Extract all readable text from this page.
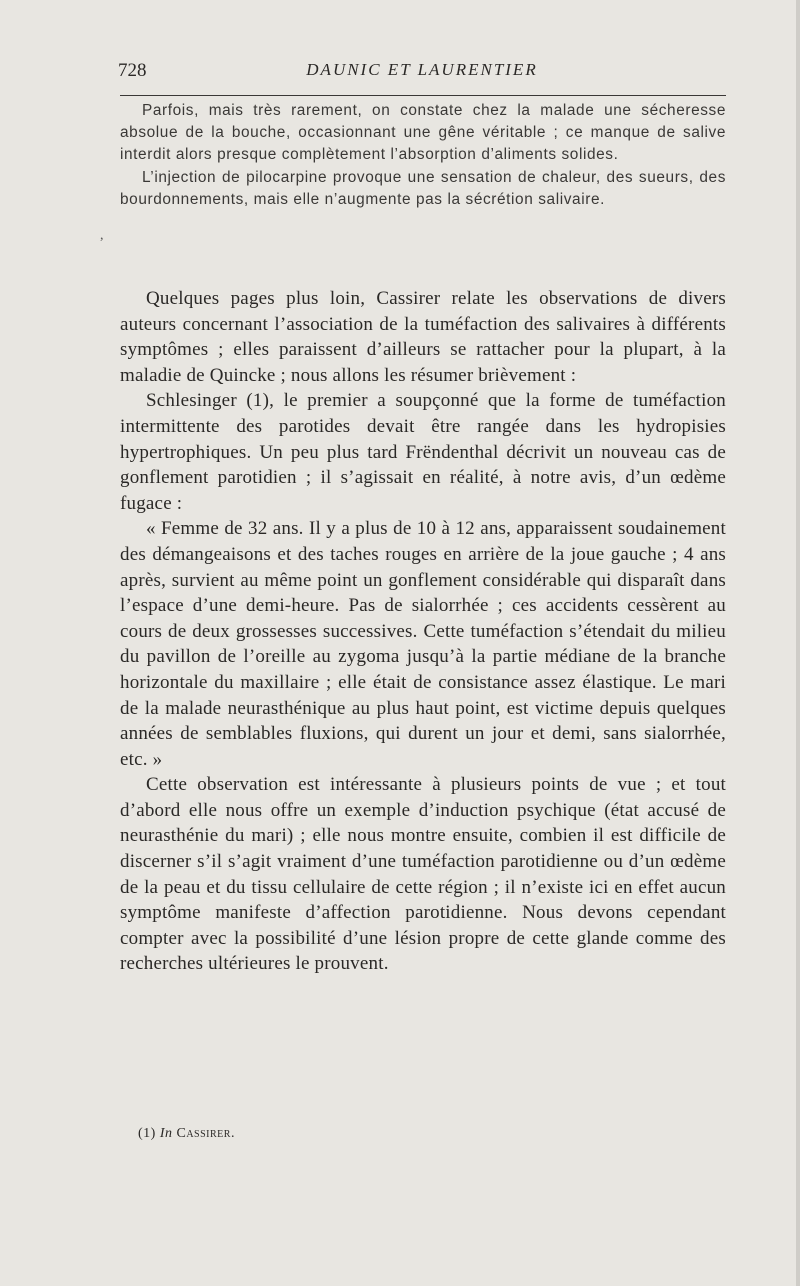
728	DAUNIC ET LAURENTIER

Parfois, mais très rarement, on constate chez la malade une sécheresse absolue de la bouche, occasionnant une gêne véritable ; ce manque de salive interdit alors presque complètement l’absorption d’aliments solides.

L’injection de pilocarpine provoque une sensation de chaleur, des sueurs, des bourdonnements, mais elle n’augmente pas la sécrétion salivaire.

,

Quelques pages plus loin, Cassirer relate les observations de divers auteurs concernant l’association de la tuméfaction des salivaires à différents symptômes ; elles paraissent d’ailleurs se rattacher pour la plupart, à la maladie de Quincke ; nous allons les résumer brièvement :

Schlesinger (1), le premier a soupçonné que la forme de tuméfaction intermittente des parotides devait être rangée dans les hydropisies hypertrophiques. Un peu plus tard Frëndenthal décrivit un nouveau cas de gonflement parotidien ; il s’agissait en réalité, à notre avis, d’un œdème fugace :

« Femme de 32 ans. Il y a plus de 10 à 12 ans, apparaissent soudainement des démangeaisons et des taches rouges en arrière de la joue gauche ; 4 ans après, survient au même point un gonflement considérable qui disparaît dans l’espace d’une demi-heure. Pas de sialorrhée ; ces accidents cessèrent au cours de deux grossesses successives. Cette tuméfaction s’étendait du milieu du pavillon de l’oreille au zygoma jusqu’à la partie médiane de la branche horizontale du maxillaire ; elle était de consistance assez élastique. Le mari de la malade neurasthénique au plus haut point, est victime depuis quelques années de semblables fluxions, qui durent un jour et demi, sans sialorrhée, etc. »

Cette observation est intéressante à plusieurs points de vue ; et tout d’abord elle nous offre un exemple d’induction psychique (état accusé de neurasthénie du mari) ; elle nous montre ensuite, combien il est difficile de discerner s’il s’agit vraiment d’une tuméfaction parotidienne ou d’un œdème de la peau et du tissu cellulaire de cette région ; il n’existe ici en effet aucun symptôme manifeste d’affection parotidienne. Nous devons cependant compter avec la possibilité d’une lésion propre de cette glande comme des recherches ultérieures le prouvent.

(1) In Cassirer.
